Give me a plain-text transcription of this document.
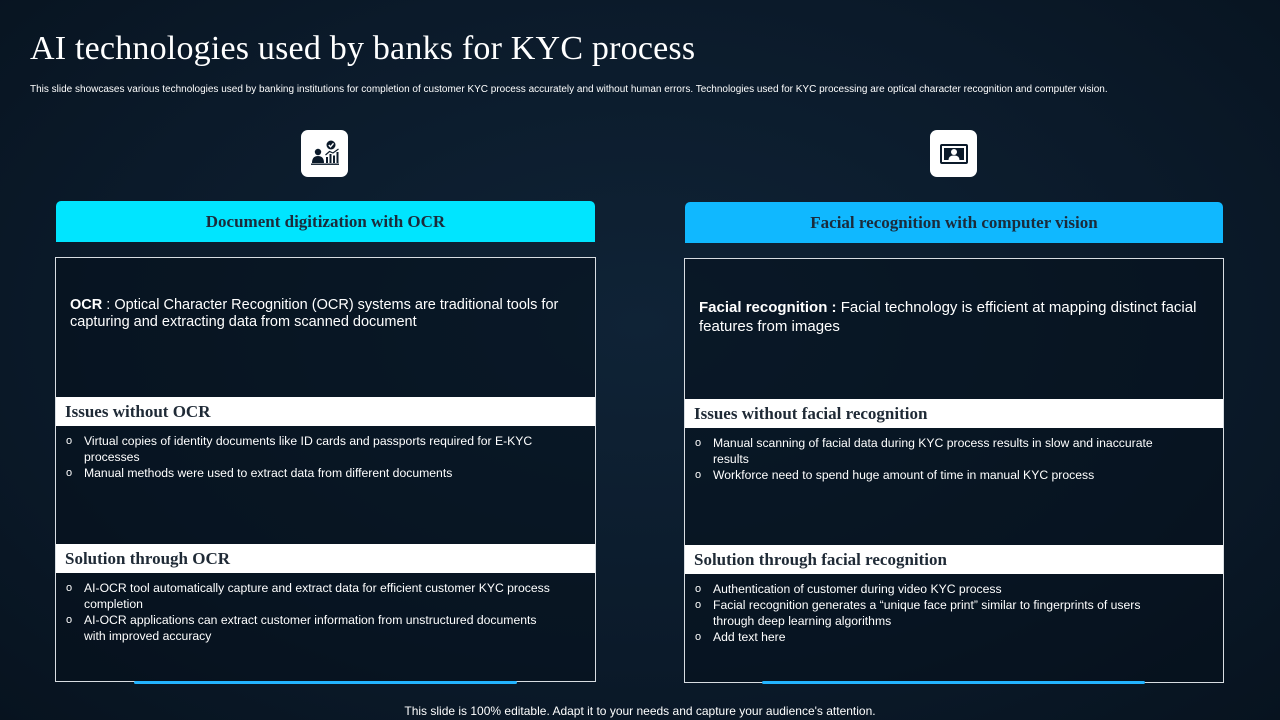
AI technologies used by banks for KYC process
This slide showcases various technologies used by banking institutions for completion of customer KYC process accurately and without human errors. Technologies used for KYC processing are optical character recognition and computer vision.
Document digitization with OCR
OCR : Optical Character Recognition (OCR) systems are traditional tools for capturing and extracting data from scanned document
Issues without OCR
o Virtual copies of identity documents like ID cards and passports required for E-KYC processes
o Manual methods were used to extract data from different documents
Solution through OCR
o AI-OCR tool automatically capture and extract data for efficient customer KYC process completion
o AI-OCR applications can extract customer information from unstructured documents with improved accuracy
Facial recognition with computer vision
Facial recognition : Facial technology is efficient at mapping distinct facial features from images
Issues without facial recognition
o Manual scanning of facial data during KYC process results in slow and inaccurate results
o Workforce need to spend huge amount of time in manual KYC process
Solution through facial recognition
o Authentication of customer during video KYC process
o Facial recognition generates a “unique face print” similar to fingerprints of users through deep learning algorithms
o Add text here
This slide is 100% editable. Adapt it to your needs and capture your audience's attention.
